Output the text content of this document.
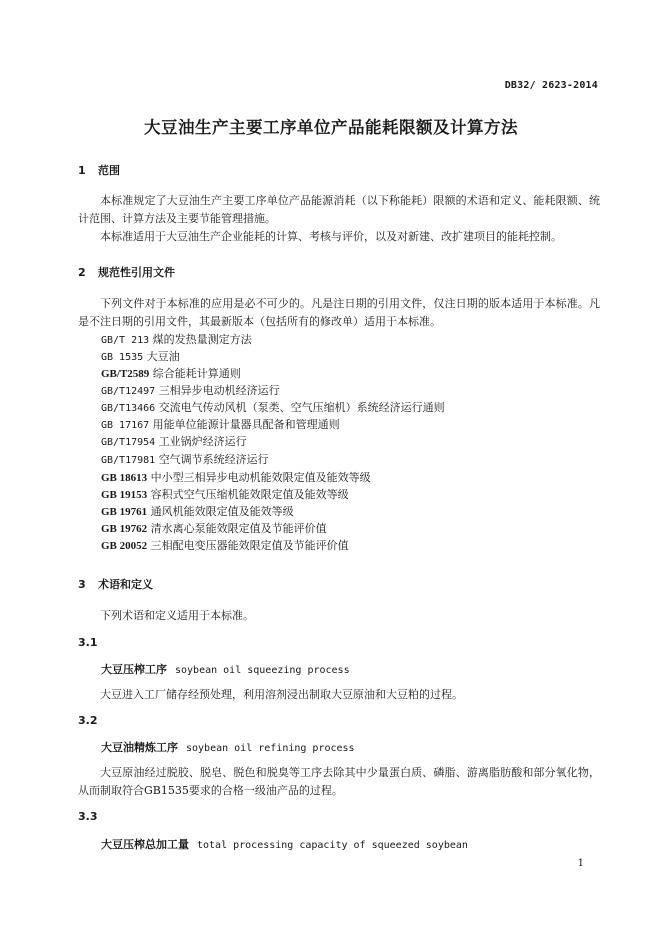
DB32/ 2623-2014
大豆油生产主要工序单位产品能耗限额及计算方法
1 范围
本标准规定了大豆油生产主要工序单位产品能源消耗（以下称能耗）限额的术语和定义、能耗限额、统计范围、计算方法及主要节能管理措施。
本标准适用于大豆油生产企业能耗的计算、考核与评价，以及对新建、改扩建项目的能耗控制。
2 规范性引用文件
下列文件对于本标准的应用是必不可少的。凡是注日期的引用文件，仅注日期的版本适用于本标准。凡是不注日期的引用文件，其最新版本（包括所有的修改单）适用于本标准。
GB/T 213 煤的发热量测定方法
GB 1535 大豆油
GB/T2589 综合能耗计算通则
GB/T12497 三相异步电动机经济运行
GB/T13466 交流电气传动风机（泵类、空气压缩机）系统经济运行通则
GB 17167 用能单位能源计量器具配备和管理通则
GB/T17954 工业锅炉经济运行
GB/T17981 空气调节系统经济运行
GB 18613 中小型三相异步电动机能效限定值及能效等级
GB 19153 容积式空气压缩机能效限定值及能效等级
GB 19761 通风机能效限定值及能效等级
GB 19762 清水离心泵能效限定值及节能评价值
GB 20052 三相配电变压器能效限定值及节能评价值
3 术语和定义
下列术语和定义适用于本标准。
3.1
大豆压榨工序 soybean oil squeezing process
大豆进入工厂储存经预处理，利用溶剂浸出制取大豆原油和大豆粕的过程。
3.2
大豆油精炼工序 soybean oil refining process
大豆原油经过脱胶、脱皂、脱色和脱臭等工序去除其中少量蛋白质、磷脂、游离脂肪酸和部分氧化物，从而制取符合GB1535要求的合格一级油产品的过程。
3.3
大豆压榨总加工量 total processing capacity of squeezed soybean
1
